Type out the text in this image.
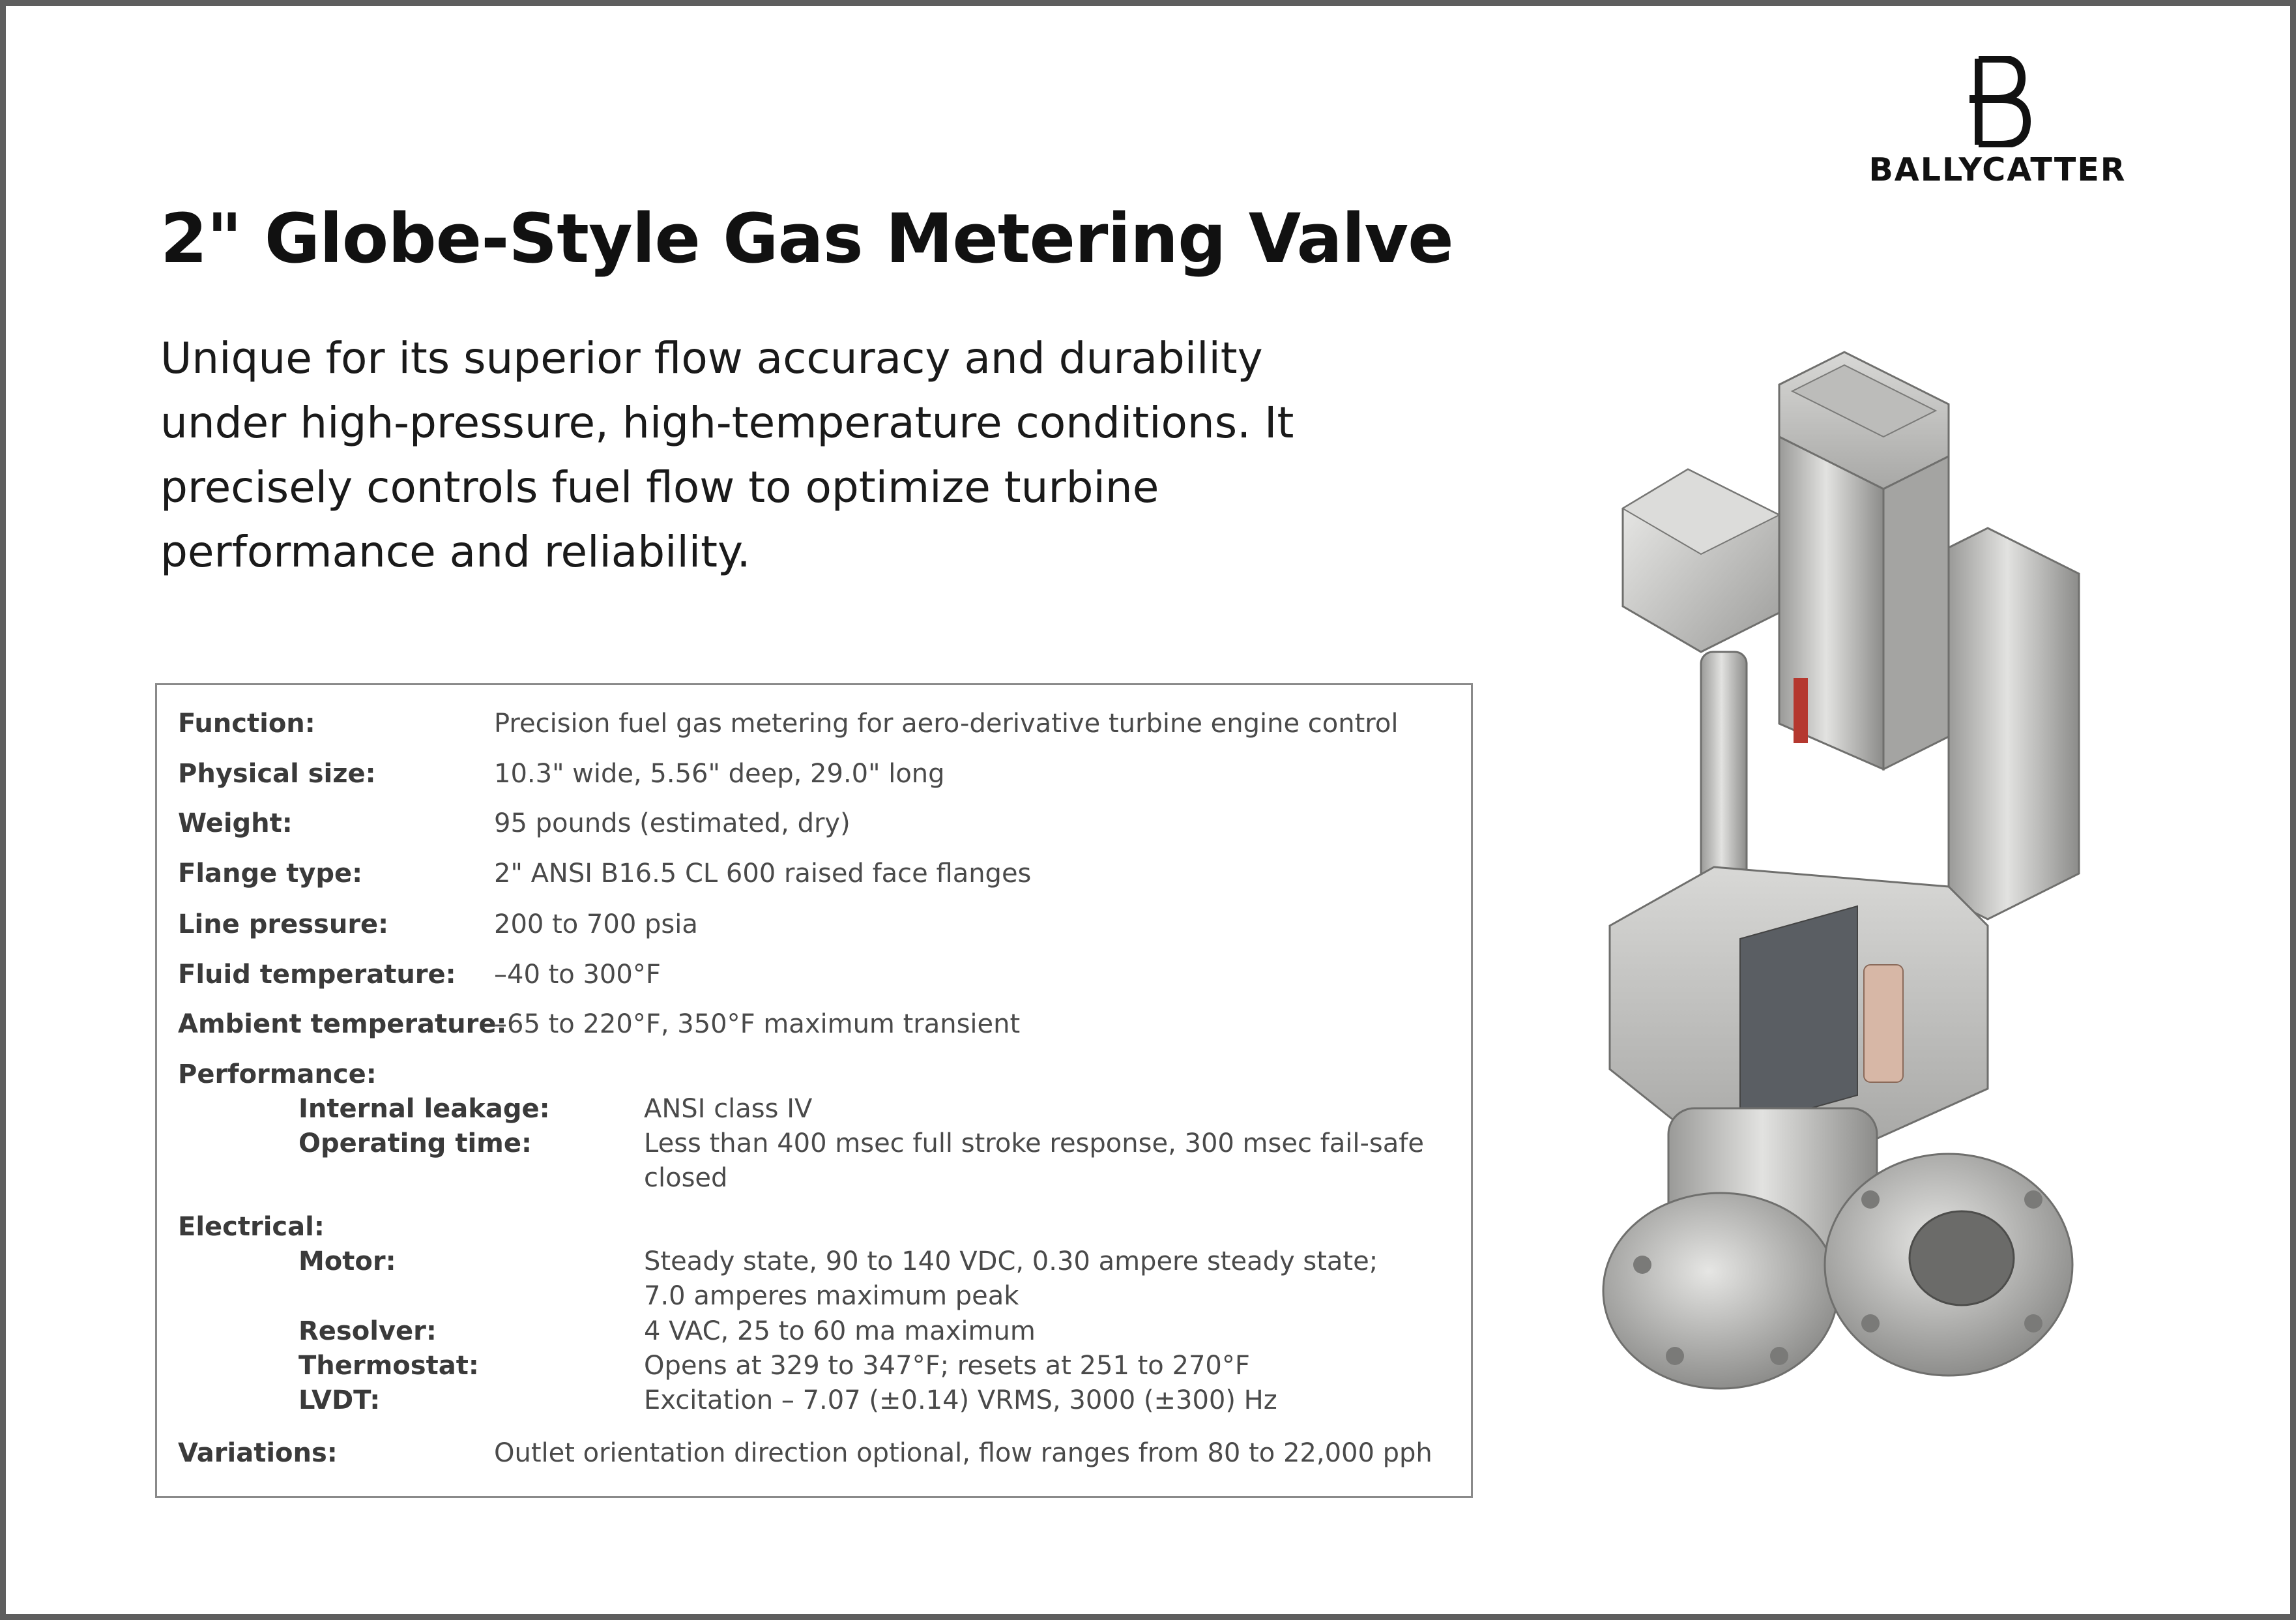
BALLYCATTER
2" Globe-Style Gas Metering Valve

Unique for its superior flow accuracy and durability
under high-pressure, high-temperature conditions. It
precisely controls fuel flow to optimize turbine
performance and reliability.

Function:	Precision fuel gas metering for aero-derivative turbine engine control
Physical size:	10.3" wide, 5.56" deep, 29.0" long
Weight:	95 pounds (estimated, dry)
Flange type:	2" ANSI B16.5 CL 600 raised face flanges
Line pressure:	200 to 700 psia
Fluid temperature: –40 to 300°F
Ambient temperature:
–65 to 220°F, 350°F maximum transient
Performance:
Internal leakage:	ANSI class IV
Operating time:	Less than 400 msec full stroke response, 300 msec fail-safe
closed
Electrical:
Motor:	Steady state, 90 to 140 VDC, 0.30 ampere steady state;
7.0 amperes maximum peak
Resolver:	4 VAC, 25 to 60 ma maximum
Thermostat:	Opens at 329 to 347°F; resets at 251 to 270°F
LVDT:	Excitation – 7.07 (±0.14) VRMS, 3000 (±300) Hz
Variations:	Outlet orientation direction optional, flow ranges from 80 to 22,000 pph
